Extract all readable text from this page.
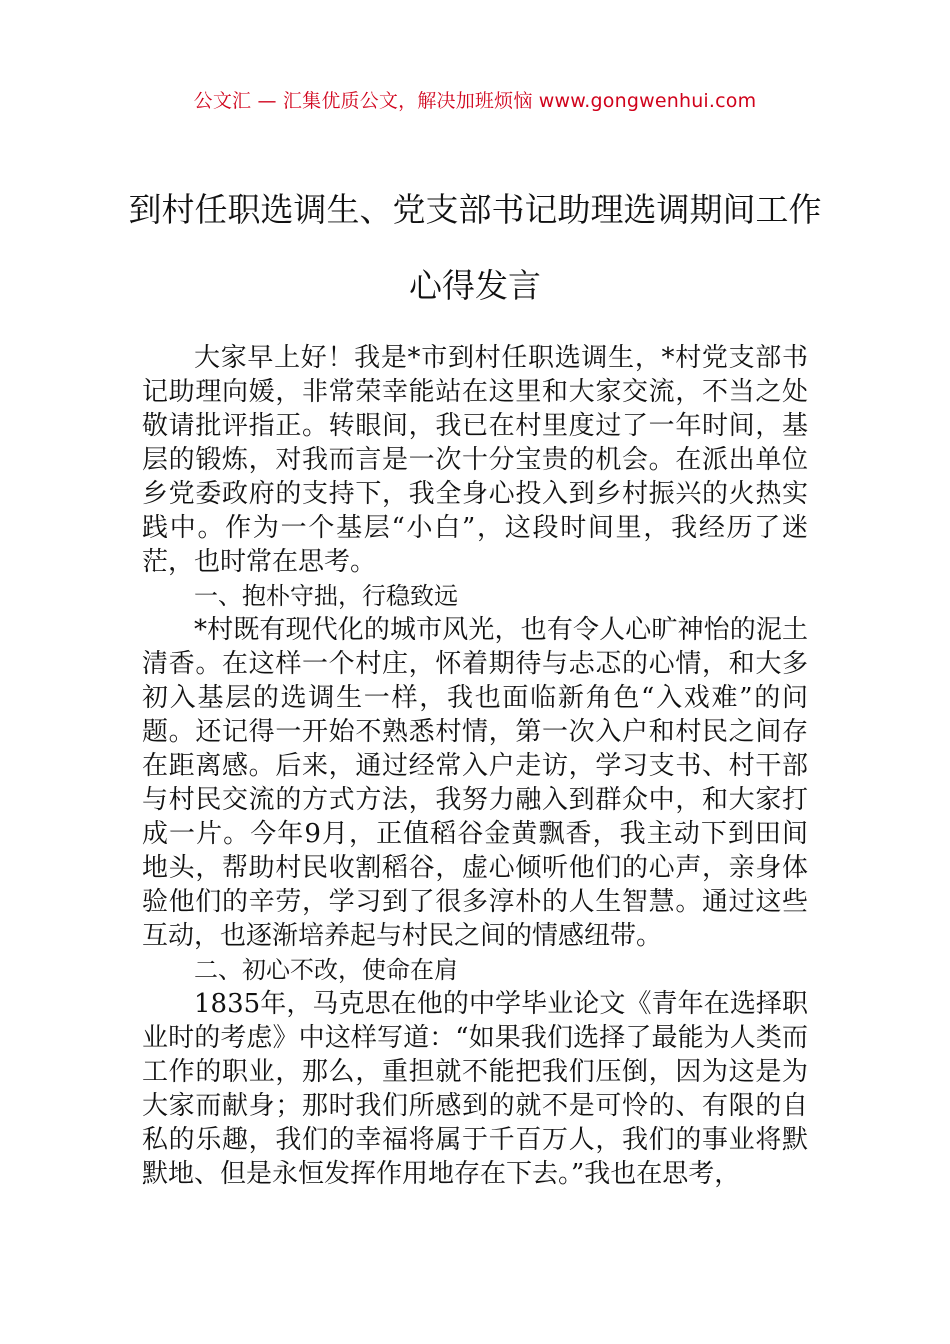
公文汇 — 汇集优质公文，解决加班烦恼 www.gongwenhui.com
到村任职选调生、党支部书记助理选调期间工作心得发言

大家早上好！我是*市到村任职选调生，*村党支部书记助理向媛，非常荣幸能站在这里和大家交流，不当之处敬请批评指正。转眼间，我已在村里度过了一年时间，基层的锻炼，对我而言是一次十分宝贵的机会。在派出单位乡党委政府的支持下，我全身心投入到乡村振兴的火热实践中。作为一个基层“小白”，这段时间里，我经历了迷茫，也时常在思考。

一、抱朴守拙，行稳致远

*村既有现代化的城市风光，也有令人心旷神怡的泥土清香。在这样一个村庄，怀着期待与忐忑的心情，和大多初入基层的选调生一样，我也面临新角色“入戏难”的问题。还记得一开始不熟悉村情，第一次入户和村民之间存在距离感。后来，通过经常入户走访，学习支书、村干部与村民交流的方式方法，我努力融入到群众中，和大家打成一片。今年9月，正值稻谷金黄飘香，我主动下到田间地头，帮助村民收割稻谷，虚心倾听他们的心声，亲身体验他们的辛劳，学习到了很多淳朴的人生智慧。通过这些互动，也逐渐培养起与村民之间的情感纽带。

二、初心不改，使命在肩

1835年，马克思在他的中学毕业论文《青年在选择职业时的考虑》中这样写道：“如果我们选择了最能为人类而工作的职业，那么，重担就不能把我们压倒，因为这是为大家而献身；那时我们所感到的就不是可怜的、有限的自私的乐趣，我们的幸福将属于千百万人，我们的事业将默默地、但是永恒发挥作用地存在下去。”我也在思考，
